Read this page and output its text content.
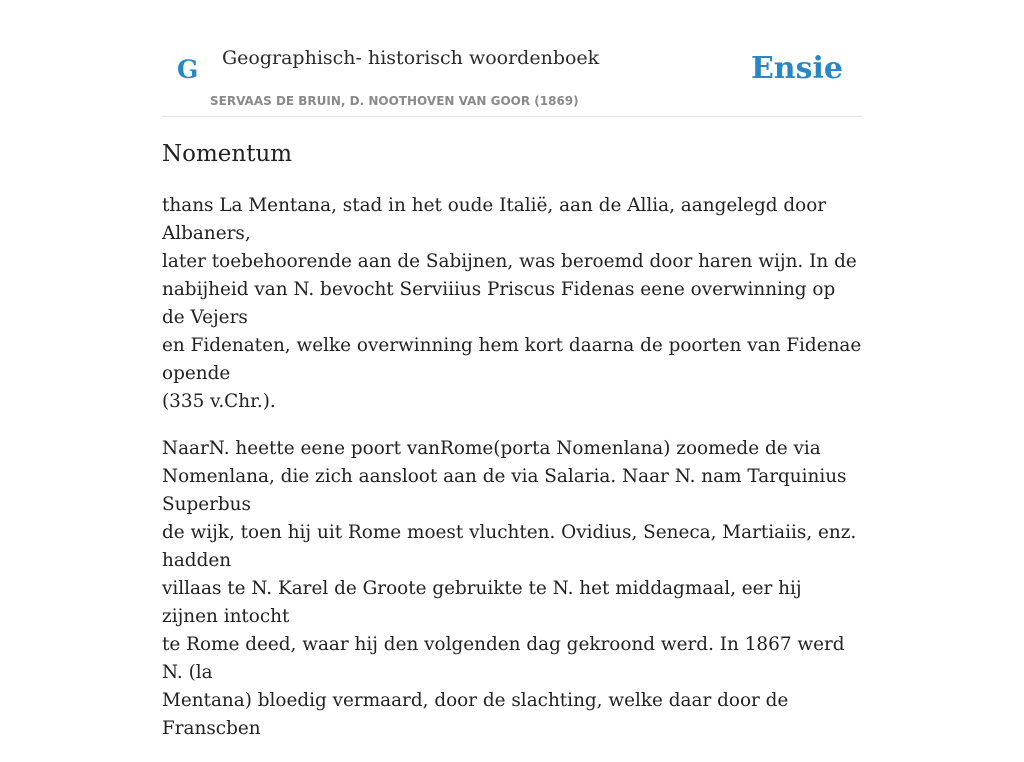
G Geographisch- historisch woordenboek
SERVAAS DE BRUIN, D. NOOTHOVEN VAN GOOR (1869)
Ensie
Nomentum

thans La Mentana, stad in het oude Italië, aan de Allia, aangelegd door Albaners,
later toebehoorende aan de Sabijnen, was beroemd door haren wijn. In de
nabijheid van N. bevocht Serviiius Priscus Fidenas eene overwinning op de Vejers
en Fidenaten, welke overwinning hem kort daarna de poorten van Fidenae opende
(335 v.Chr.).

NaarN. heette eene poort vanRome(porta Nomenlana) zoomede de via
Nomenlana, die zich aansloot aan de via Salaria. Naar N. nam Tarquinius Superbus
de wijk, toen hij uit Rome moest vluchten. Ovidius, Seneca, Martiaiis, enz. hadden
villaas te N. Karel de Groote gebruikte te N. het middagmaal, eer hij zijnen intocht
te Rome deed, waar hij den volgenden dag gekroond werd. In 1867 werd N. (la
Mentana) bloedig vermaard, door de slachting, welke daar door de Franscben
